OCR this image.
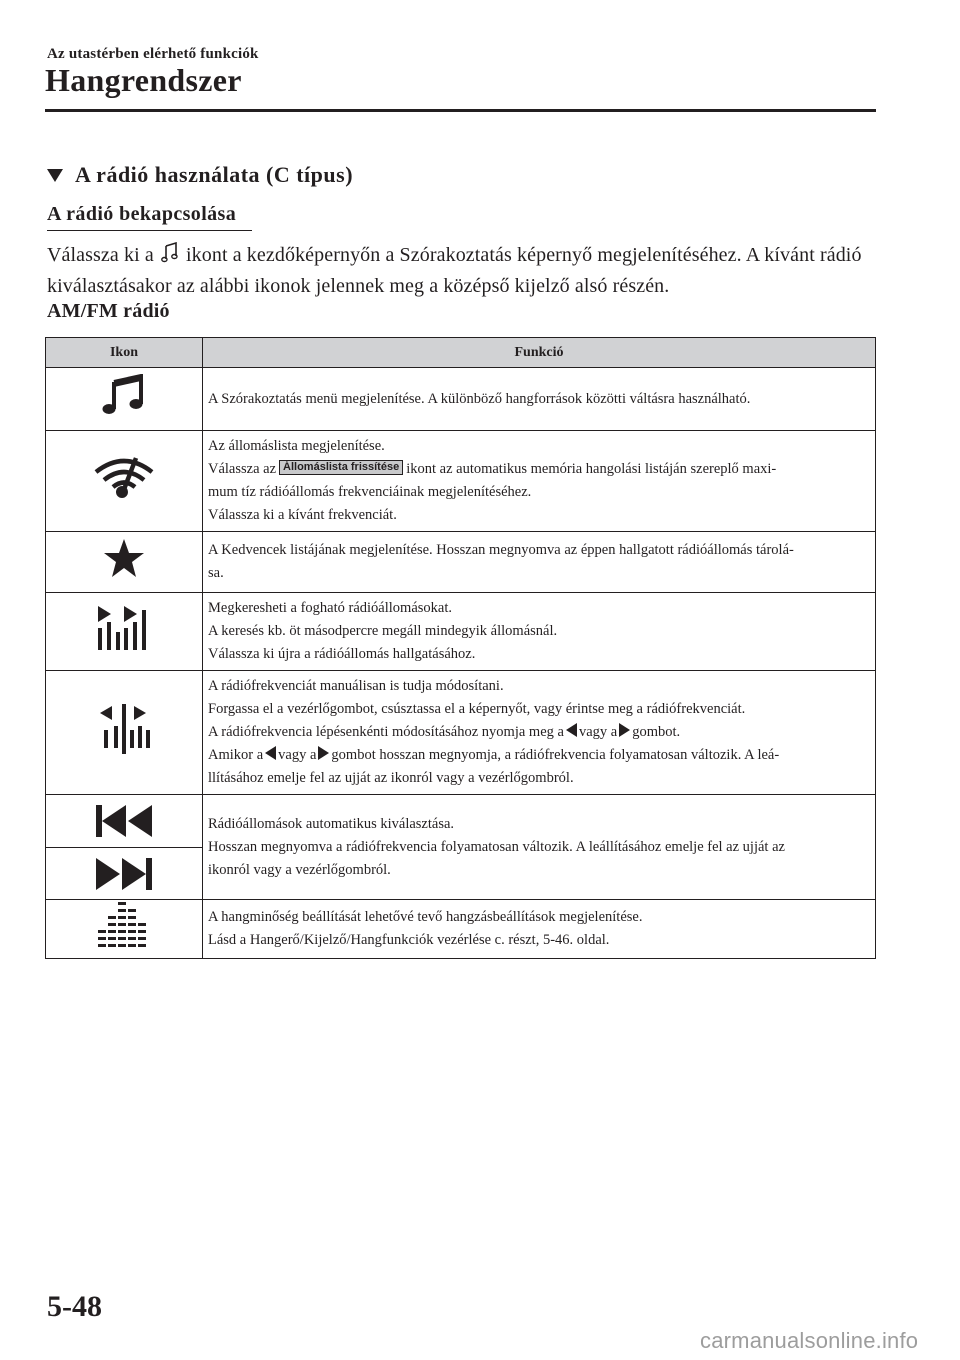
Az utastérben elérhető funkciók
Hangrendszer
A rádió használata (C típus)
A rádió bekapcsolása
Válassza ki a  ikont a kezdőképernyőn a Szórakoztatás képernyő megjelenítéséhez. A kívánt rádió kiválasztásakor az alábbi ikonok jelennek meg a középső kijelző alsó részén.
AM/FM rádió
Ikon	Funkció

A Szórakoztatás menü megjelenítése. A különböző hangforrások közötti váltásra használható.

Az állomáslista megjelenítése.
Válassza az Állomáslista frissítése ikont az automatikus memória hangolási listáján szereplő maxi-
mum tíz rádióállomás frekvenciáinak megjelenítéséhez.
Válassza ki a kívánt frekvenciát.

A Kedvencek listájának megjelenítése. Hosszan megnyomva az éppen hallgatott rádióállomás tárolá-
sa.

Megkeresheti a fogható rádióállomásokat.
A keresés kb. öt másodpercre megáll mindegyik állomásnál.
Válassza ki újra a rádióállomás hallgatásához.

A rádiófrekvenciát manuálisan is tudja módosítani.
Forgassa el a vezérlőgombot, csúsztassa el a képernyőt, vagy érintse meg a rádiófrekvenciát.
A rádiófrekvencia lépésenkénti módosításához nyomja meg a vagy a gombot.
Amikor a vagy a gombot hosszan megnyomja, a rádiófrekvencia folyamatosan változik. A leá-
llításához emelje fel az ujját az ikonról vagy a vezérlőgombról.

Rádióállomások automatikus kiválasztása.
Hosszan megnyomva a rádiófrekvencia folyamatosan változik. A leállításához emelje fel az ujját az
ikonról vagy a vezérlőgombról.

A hangminőség beállítását lehetővé tevő hangzásbeállítások megjelenítése.
Lásd a Hangerő/Kijelző/Hangfunkciók vezérlése c. részt, 5-46. oldal.
5-48
carmanualsonline.info
